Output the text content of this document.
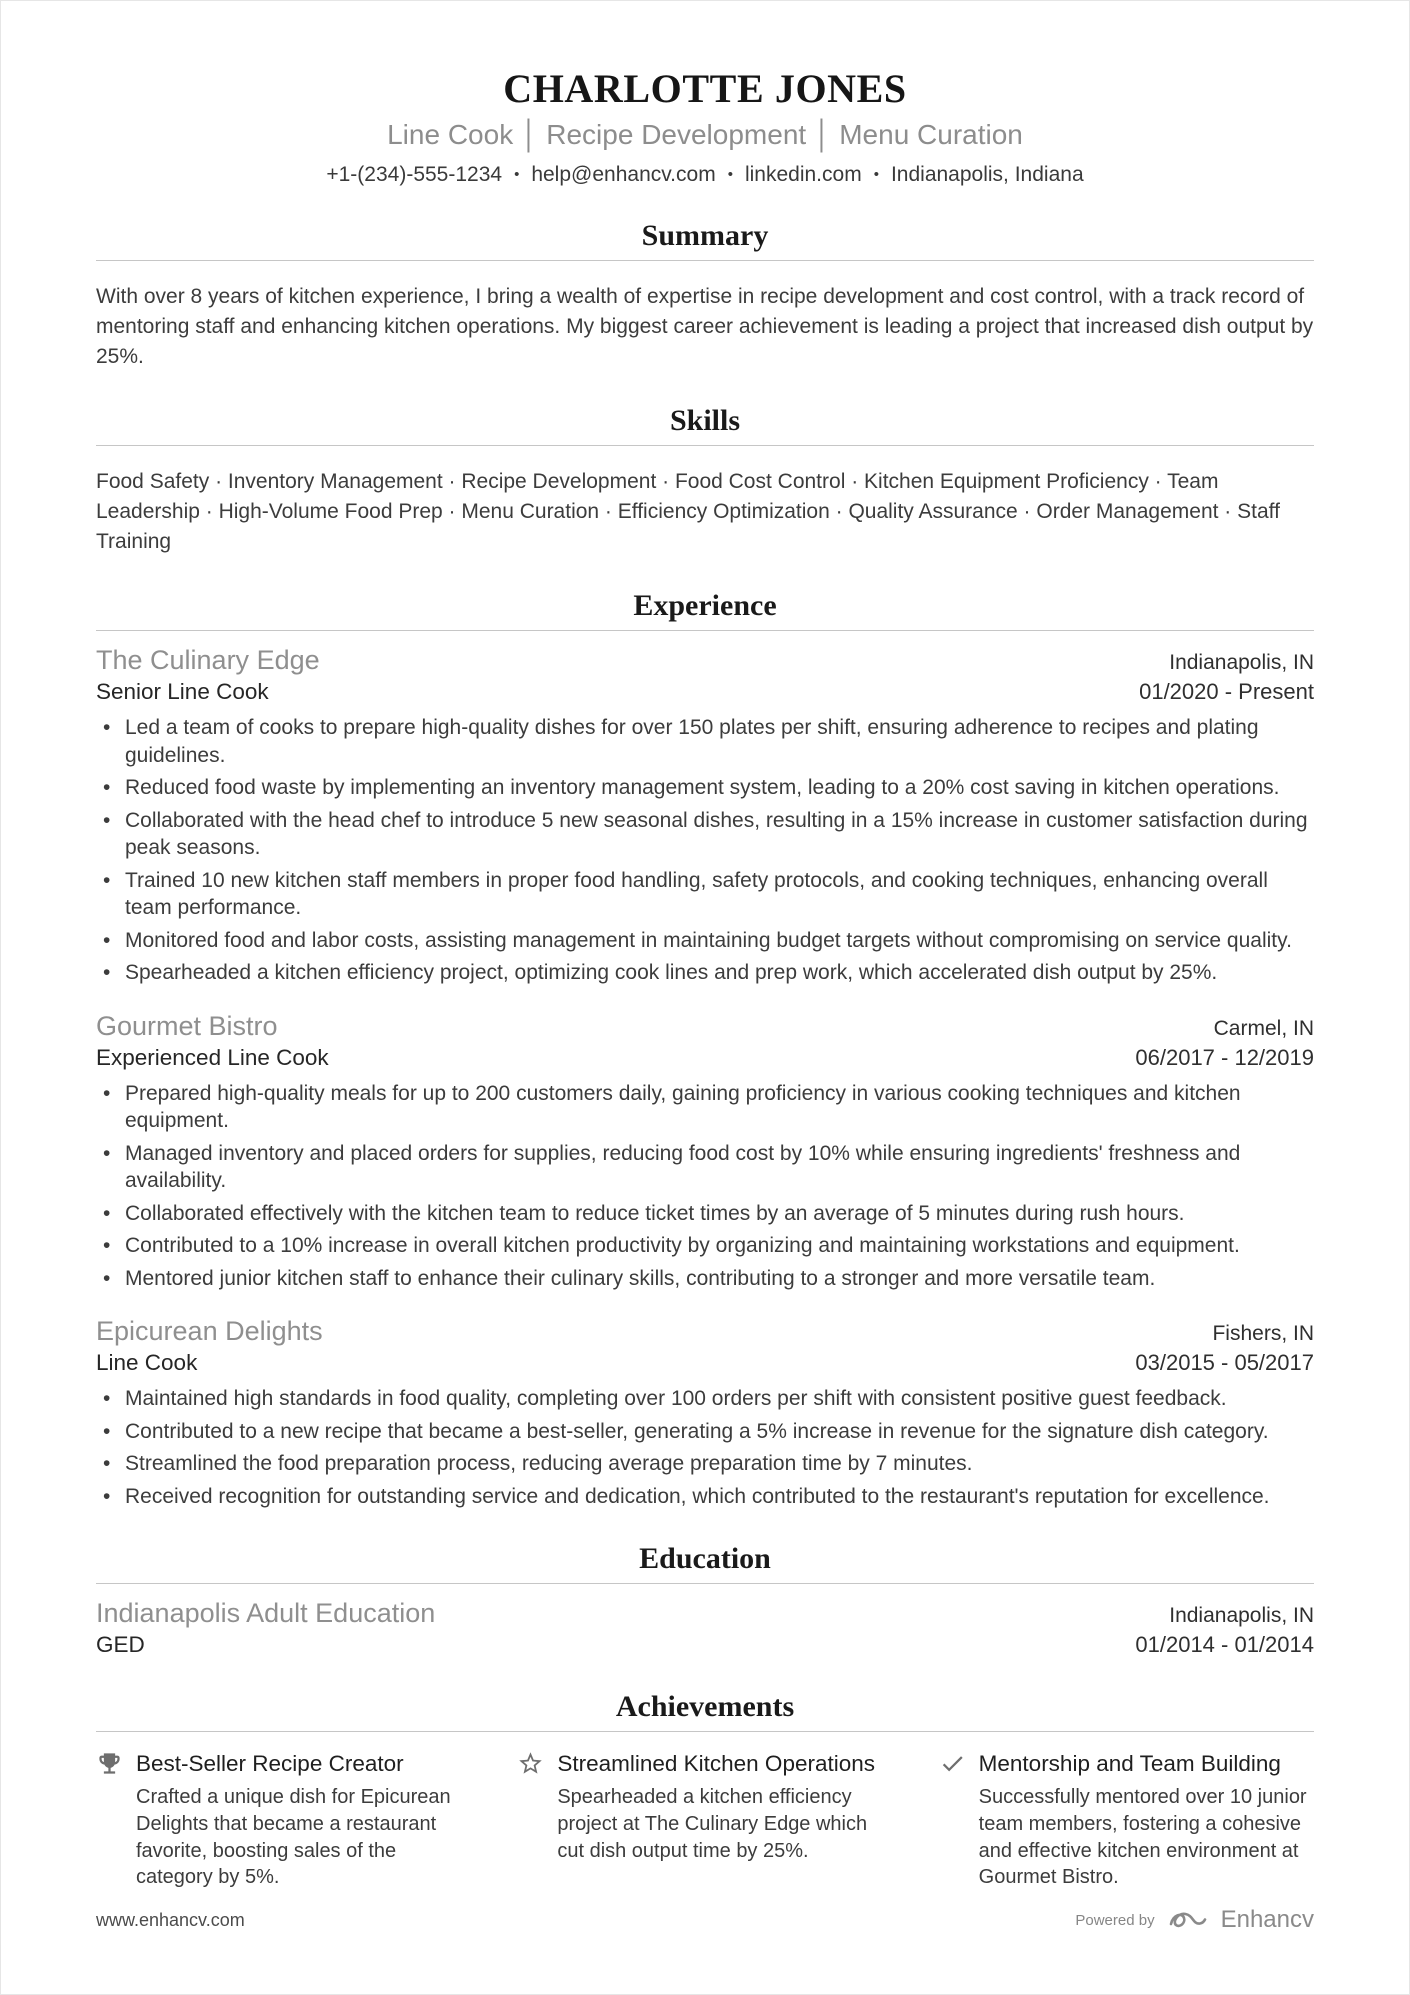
CHARLOTTE JONES
Line Cook │ Recipe Development │ Menu Curation
+1-(234)-555-1234 • help@enhancv.com • linkedin.com • Indianapolis, Indiana
Summary

With over 8 years of kitchen experience, I bring a wealth of expertise in recipe development and cost control, with a track record of mentoring staff and enhancing kitchen operations. My biggest career achievement is leading a project that increased dish output by 25%.

Skills

Food Safety · Inventory Management · Recipe Development · Food Cost Control · Kitchen Equipment Proficiency · Team Leadership · High-Volume Food Prep · Menu Curation · Efficiency Optimization · Quality Assurance · Order Management · Staff Training

Experience
The Culinary Edge	Indianapolis, IN
Senior Line Cook	01/2020 - Present
• Led a team of cooks to prepare high-quality dishes for over 150 plates per shift, ensuring adherence to recipes and plating guidelines.
• Reduced food waste by implementing an inventory management system, leading to a 20% cost saving in kitchen operations.
• Collaborated with the head chef to introduce 5 new seasonal dishes, resulting in a 15% increase in customer satisfaction during peak seasons.
• Trained 10 new kitchen staff members in proper food handling, safety protocols, and cooking techniques, enhancing overall team performance.
• Monitored food and labor costs, assisting management in maintaining budget targets without compromising on service quality.
• Spearheaded a kitchen efficiency project, optimizing cook lines and prep work, which accelerated dish output by 25%.
Gourmet Bistro	Carmel, IN
Experienced Line Cook	06/2017 - 12/2019
• Prepared high-quality meals for up to 200 customers daily, gaining proficiency in various cooking techniques and kitchen equipment.
• Managed inventory and placed orders for supplies, reducing food cost by 10% while ensuring ingredients' freshness and availability.
• Collaborated effectively with the kitchen team to reduce ticket times by an average of 5 minutes during rush hours.
• Contributed to a 10% increase in overall kitchen productivity by organizing and maintaining workstations and equipment.
• Mentored junior kitchen staff to enhance their culinary skills, contributing to a stronger and more versatile team.
Epicurean Delights	Fishers, IN
Line Cook	03/2015 - 05/2017
• Maintained high standards in food quality, completing over 100 orders per shift with consistent positive guest feedback.
• Contributed to a new recipe that became a best-seller, generating a 5% increase in revenue for the signature dish category.
• Streamlined the food preparation process, reducing average preparation time by 7 minutes.
• Received recognition for outstanding service and dedication, which contributed to the restaurant's reputation for excellence.
Education
Indianapolis Adult Education	Indianapolis, IN
GED	01/2014 - 01/2014
Achievements
Best-Seller Recipe Creator

Crafted a unique dish for Epicurean Delights that became a restaurant favorite, boosting sales of the category by 5%.

Streamlined Kitchen Operations

Spearheaded a kitchen efficiency project at The Culinary Edge which cut dish output time by 25%.

Mentorship and Team Building

Successfully mentored over 10 junior team members, fostering a cohesive and effective kitchen environment at Gourmet Bistro.

www.enhancv.com	Powered by	Enhancv
